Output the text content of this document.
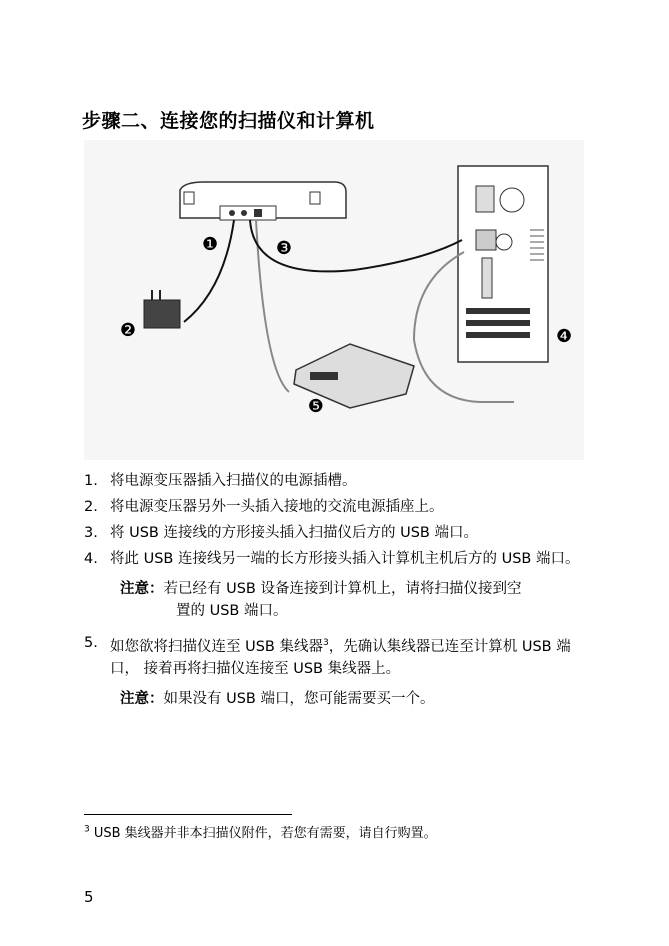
步骤二、连接您的扫描仪和计算机
❶
❷
❸
❹
❺
1. 将电源变压器插入扫描仪的电源插槽。
2. 将电源变压器另外一头插入接地的交流电源插座上。
3. 将 USB 连接线的方形接头插入扫描仪后方的 USB 端口。
4. 将此 USB 连接线另一端的长方形接头插入计算机主机后方的 USB 端口。
注意：若已经有 USB 设备连接到计算机上，请将扫描仪接到空
置的 USB 端口。
5. 如您欲将扫描仪连至 USB 集线器$^3$，先确认集线器已连至计算机 USB 端口， 接着再将扫描仪连接至 USB 集线器上。
注意：如果没有 USB 端口，您可能需要买一个。
$^3$ USB 集线器并非本扫描仪附件，若您有需要，请自行购置。
5
